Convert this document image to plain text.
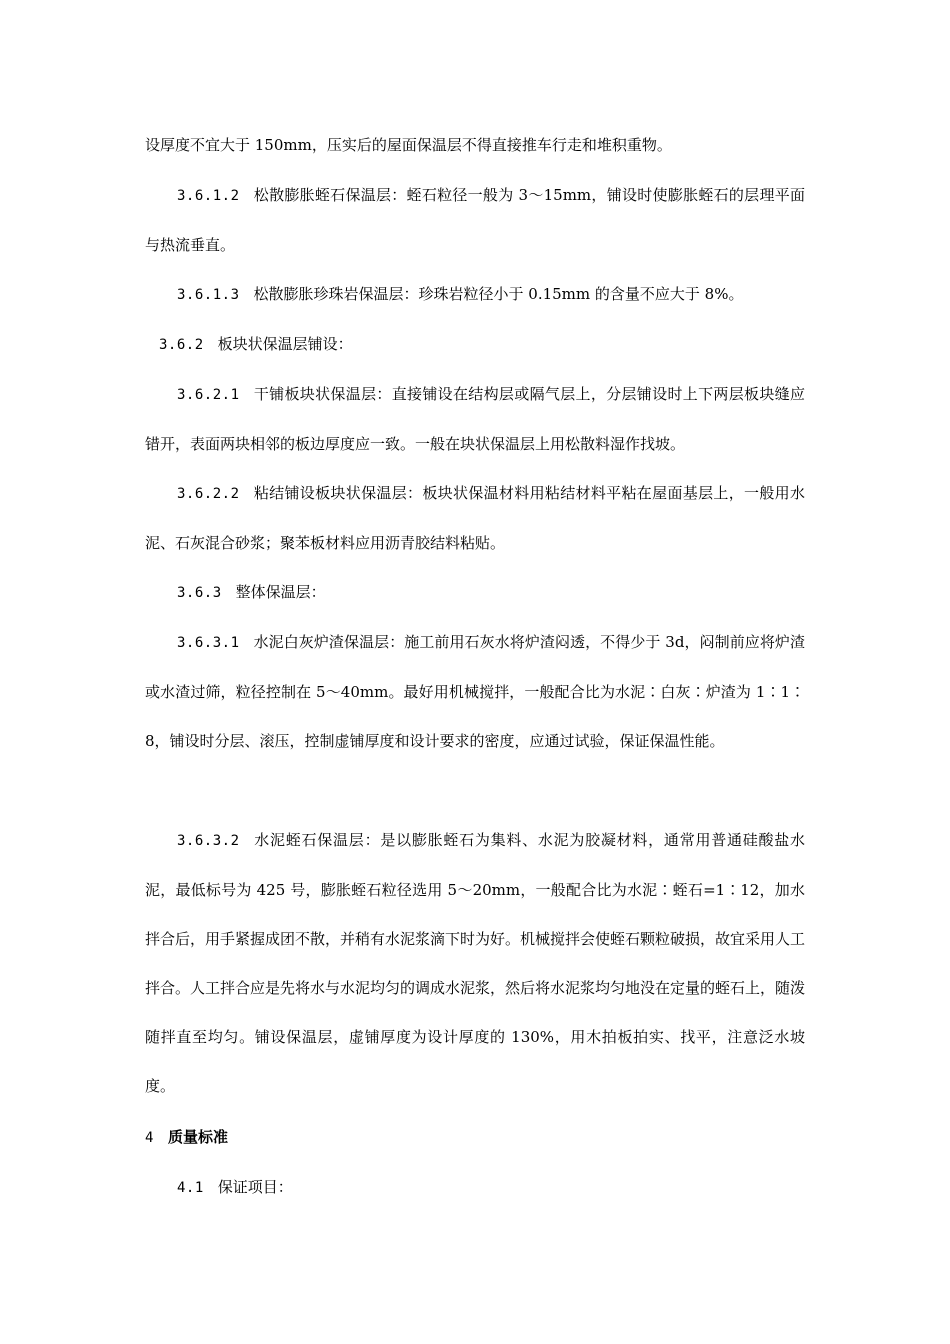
设厚度不宜大于 150mm，压实后的屋面保温层不得直接推车行走和堆积重物。

3.6.1.2 松散膨胀蛭石保温层：蛭石粒径一般为 3～15mm，铺设时使膨胀蛭石的层理平面与热流垂直。

3.6.1.3 松散膨胀珍珠岩保温层：珍珠岩粒径小于 0.15mm 的含量不应大于 8%。

3.6.2 板块状保温层铺设：

3.6.2.1 干铺板块状保温层：直接铺设在结构层或隔气层上，分层铺设时上下两层板块缝应错开，表面两块相邻的板边厚度应一致。一般在块状保温层上用松散料湿作找坡。

3.6.2.2 粘结铺设板块状保温层：板块状保温材料用粘结材料平粘在屋面基层上，一般用水泥、石灰混合砂浆；聚苯板材料应用沥青胶结料粘贴。

3.6.3 整体保温层：

3.6.3.1 水泥白灰炉渣保温层：施工前用石灰水将炉渣闷透，不得少于 3d，闷制前应将炉渣或水渣过筛，粒径控制在 5～40mm。最好用机械搅拌，一般配合比为水泥∶白灰∶炉渣为 1∶1∶8，铺设时分层、滚压，控制虚铺厚度和设计要求的密度，应通过试验，保证保温性能。

3.6.3.2 水泥蛭石保温层：是以膨胀蛭石为集料、水泥为胶凝材料，通常用普通硅酸盐水泥，最低标号为 425 号，膨胀蛭石粒径选用 5～20mm，一般配合比为水泥∶蛭石=1∶12，加水拌合后，用手紧握成团不散，并稍有水泥浆滴下时为好。机械搅拌会使蛭石颗粒破损，故宜采用人工拌合。人工拌合应是先将水与水泥均匀的调成水泥浆，然后将水泥浆均匀地没在定量的蛭石上，随泼随拌直至均匀。铺设保温层，虚铺厚度为设计厚度的 130%，用木拍板拍实、找平，注意泛水坡度。

4 质量标准

4.1 保证项目：
